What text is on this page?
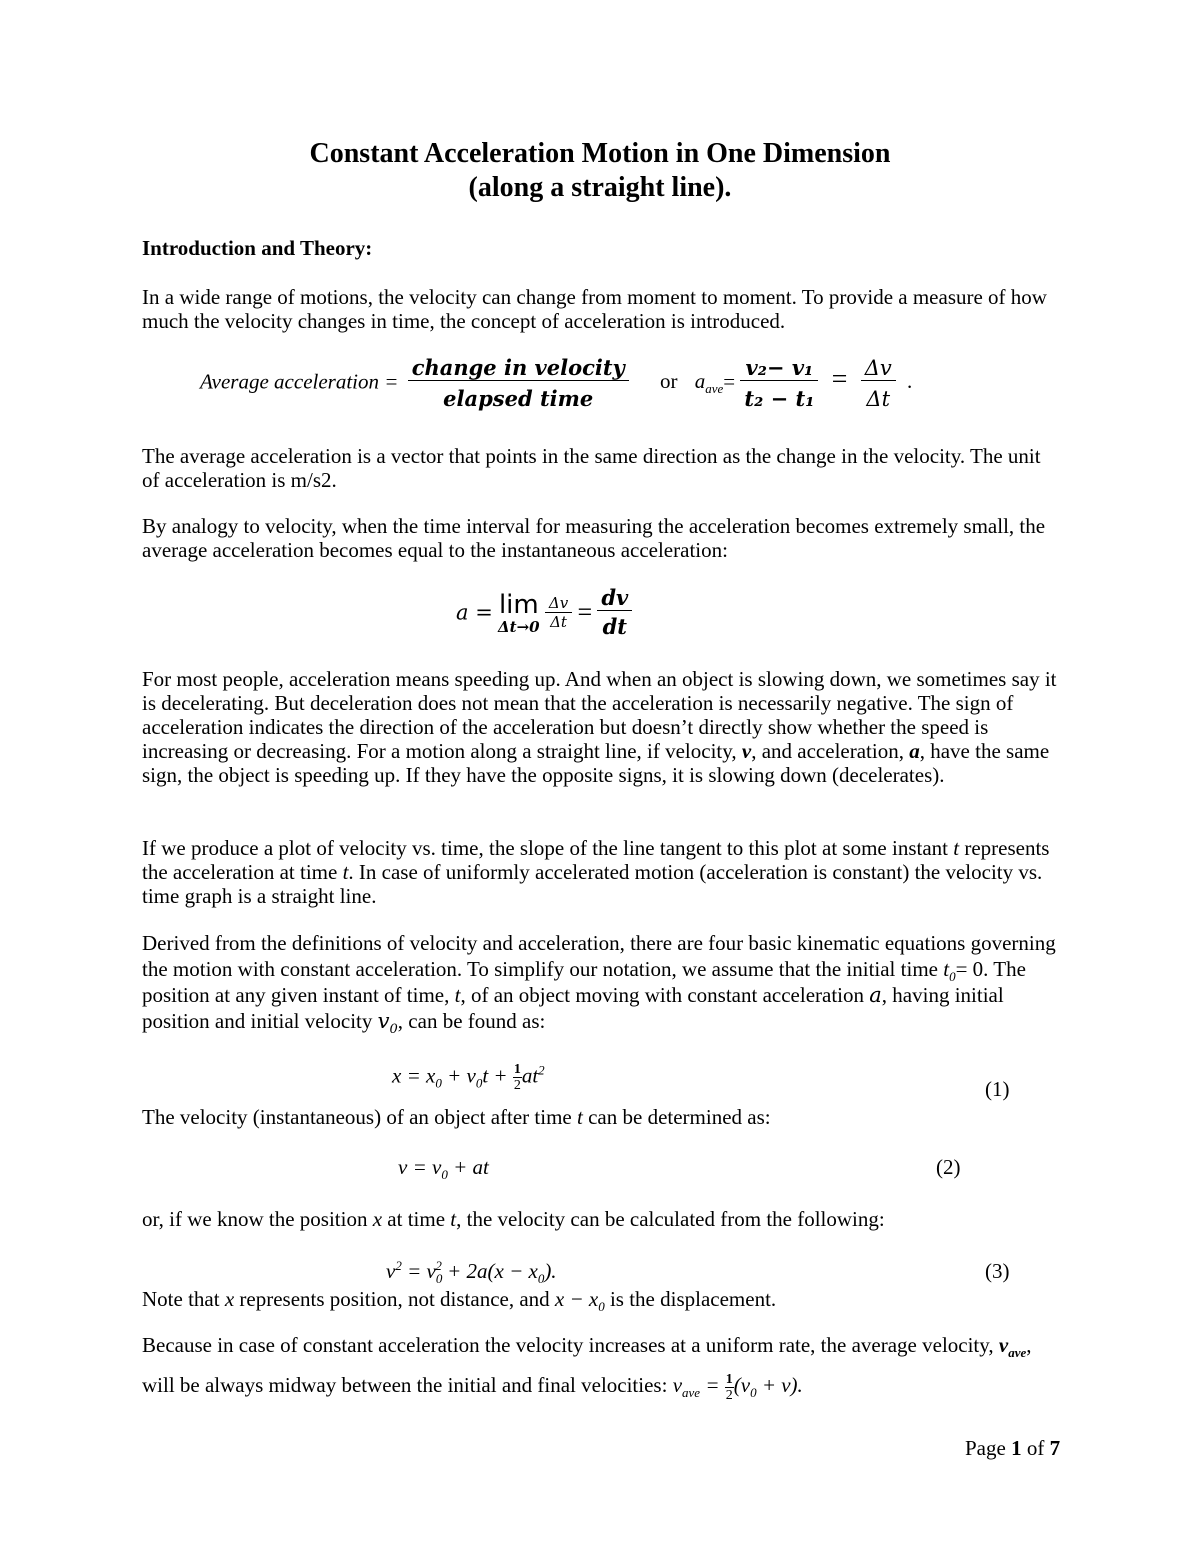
Constant Acceleration Motion in One Dimension
(along a straight line).
Introduction and Theory:

In a wide range of motions, the velocity can change from moment to moment. To provide a measure of how much the velocity changes in time, the concept of acceleration is introduced.

Average acceleration = $\frac{\text{change in velocity}}{\text{elapsed time}}$ or $a_{ave}= \frac{\text{v₂− v₁}}{\text{t₂ − t₁}} = \frac{\Delta v}{\Delta t}$ .

The average acceleration is a vector that points in the same direction as the change in the velocity. The unit of acceleration is m/s2.

By analogy to velocity, when the time interval for measuring the acceleration becomes extremely small, the average acceleration becomes equal to the instantaneous acceleration:

a = lim
Δt→0
$\frac{\Delta v}{\Delta t} = \frac{dv}{dt}$

For most people, acceleration means speeding up. And when an object is slowing down, we sometimes say it is decelerating. But deceleration does not mean that the acceleration is necessarily negative. The sign of acceleration indicates the direction of the acceleration but doesn’t directly show whether the speed is increasing or decreasing. For a motion along a straight line, if velocity, v, and acceleration, a, have the same sign, the object is speeding up. If they have the opposite signs, it is slowing down (decelerates).

If we produce a plot of velocity vs. time, the slope of the line tangent to this plot at some instant t represents the acceleration at time t. In case of uniformly accelerated motion (acceleration is constant) the velocity vs. time graph is a straight line.

Derived from the definitions of velocity and acceleration, there are four basic kinematic equations governing the motion with constant acceleration. To simplify our notation, we assume that the initial time $t_0= 0$. The position at any given instant of time, t, of an object moving with constant acceleration a, having initial position and initial velocity $v_0$, can be found as:

$x = x_0 + v_0t + \frac{1}{2} at^2$
(1)

The velocity (instantaneous) of an object after time t can be determined as:

$v = v_0$ + at	(2)

or, if we know the position x at time t, the velocity can be calculated from the following:

$v^2 = v_0^2 + 2a(x - x_0)$.	(3)

Note that x represents position, not distance, and $x - x_0$ is the displacement.

Because in case of constant acceleration the velocity increases at a uniform rate, the average velocity, $v_{ave}$, will be always midway between the initial and final velocities: $v_{ave} = \frac{1}{2} (v_0 + v)$.

Page 1 of 7
